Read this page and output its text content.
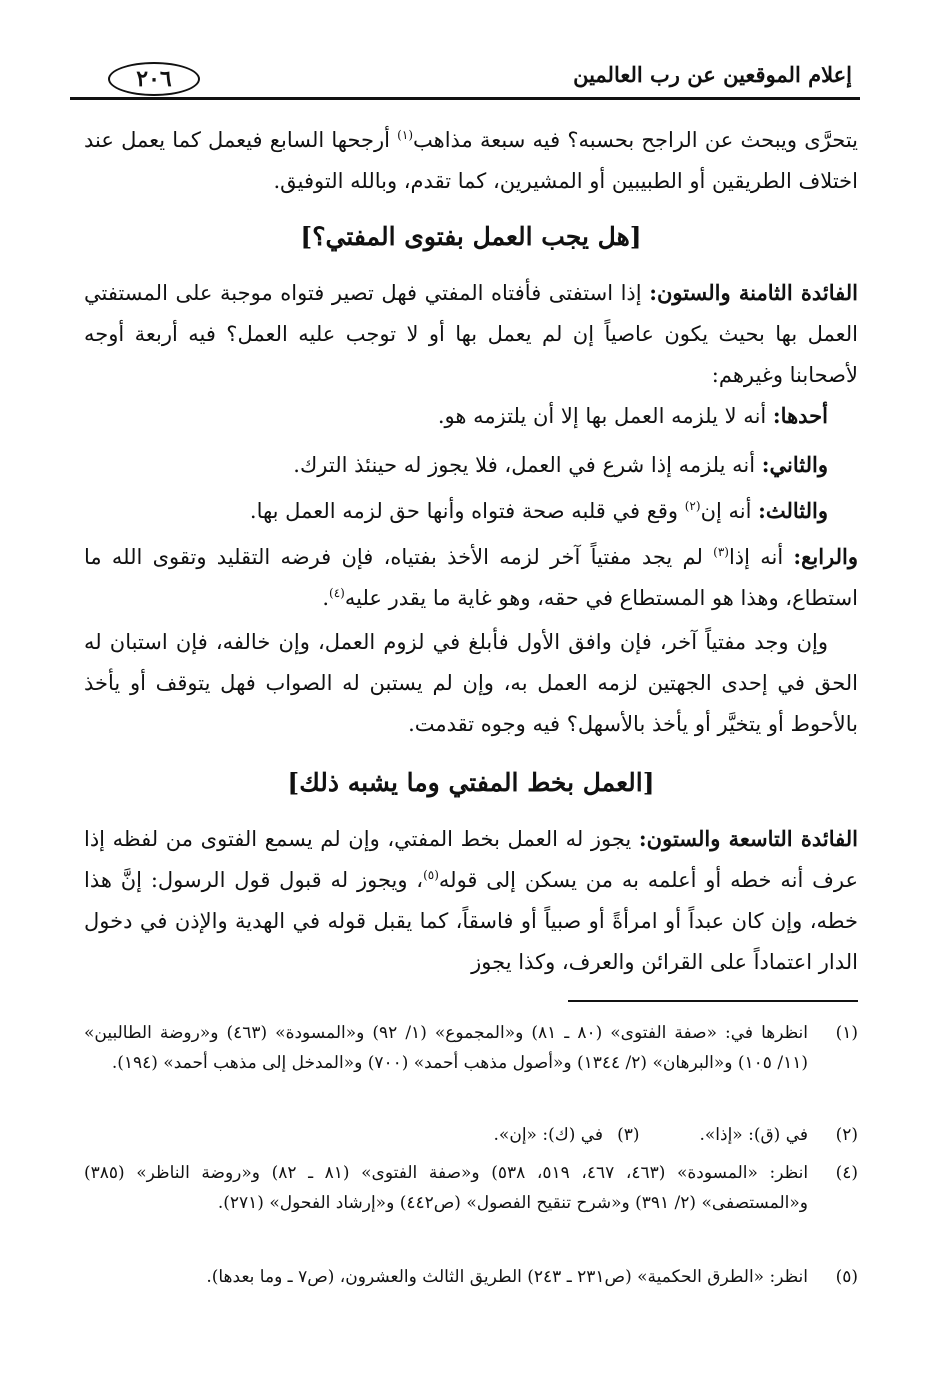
إعلام الموقعين عن رب العالمين
٢٠٦
يتحرَّى ويبحث عن الراجح بحسبه؟ فيه سبعة مذاهب$^{(١)}$ أرجحها السابع فيعمل كما يعمل عند اختلاف الطريقين أو الطبيبين أو المشيرين، كما تقدم، وبالله التوفيق.
[هل يجب العمل بفتوى المفتي؟]
الفائدة الثامنة والستون: إذا استفتى فأفتاه المفتي فهل تصير فتواه موجبة على المستفتي العمل بها بحيث يكون عاصياً إن لم يعمل بها أو لا توجب عليه العمل؟ فيه أربعة أوجه لأصحابنا وغيرهم:
أحدها: أنه لا يلزمه العمل بها إلا أن يلتزمه هو.
والثاني: أنه يلزمه إذا شرع في العمل، فلا يجوز له حينئذ الترك.
والثالث: أنه إن$^{(٢)}$ وقع في قلبه صحة فتواه وأنها حق لزمه العمل بها.
والرابع: أنه إذا$^{(٣)}$ لم يجد مفتياً آخر لزمه الأخذ بفتياه، فإن فرضه التقليد وتقوى الله ما استطاع، وهذا هو المستطاع في حقه، وهو غاية ما يقدر عليه$^{(٤)}$.
وإن وجد مفتياً آخر، فإن وافق الأول فأبلغ في لزوم العمل، وإن خالفه، فإن استبان له الحق في إحدى الجهتين لزمه العمل به، وإن لم يستبن له الصواب فهل يتوقف أو يأخذ بالأحوط أو يتخيَّر أو يأخذ بالأسهل؟ فيه وجوه تقدمت.
[العمل بخط المفتي وما يشبه ذلك]
الفائدة التاسعة والستون: يجوز له العمل بخط المفتي، وإن لم يسمع الفتوى من لفظه إذا عرف أنه خطه أو أعلمه به من يسكن إلى قوله$^{(٥)}$، ويجوز له قبول قول الرسول: إنَّ هذا خطه، وإن كان عبداً أو امرأةً أو صبياً أو فاسقاً، كما يقبل قوله في الهدية والإذن في دخول الدار اعتماداً على القرائن والعرف، وكذا يجوز
(١)
انظرها في: «صفة الفتوى» (٨٠ ـ ٨١) و«المجموع» (١/ ٩٢) و«المسودة» (٤٦٣) و«روضة الطالبين» (١١/ ١٠٥) و«البرهان» (٢/ ١٣٤٤) و«أصول مذهب أحمد» (٧٠٠) و«المدخل إلى مذهب أحمد» (١٩٤).
(٢)
في (ق): «إذا».
(٣)في (ك): «إن».
(٤)
انظر: «المسودة» (٤٦٣، ٤٦٧، ٥١٩، ٥٣٨) و«صفة الفتوى» (٨١ ـ ٨٢) و«روضة الناظر» (٣٨٥) و«المستصفى» (٢/ ٣٩١) و«شرح تنقيح الفصول» (ص٤٤٢) و«إرشاد الفحول» (٢٧١).
(٥)
انظر: «الطرق الحكمية» (ص٢٣١ ـ ٢٤٣) الطريق الثالث والعشرون، (ص٧ ـ وما بعدها).
